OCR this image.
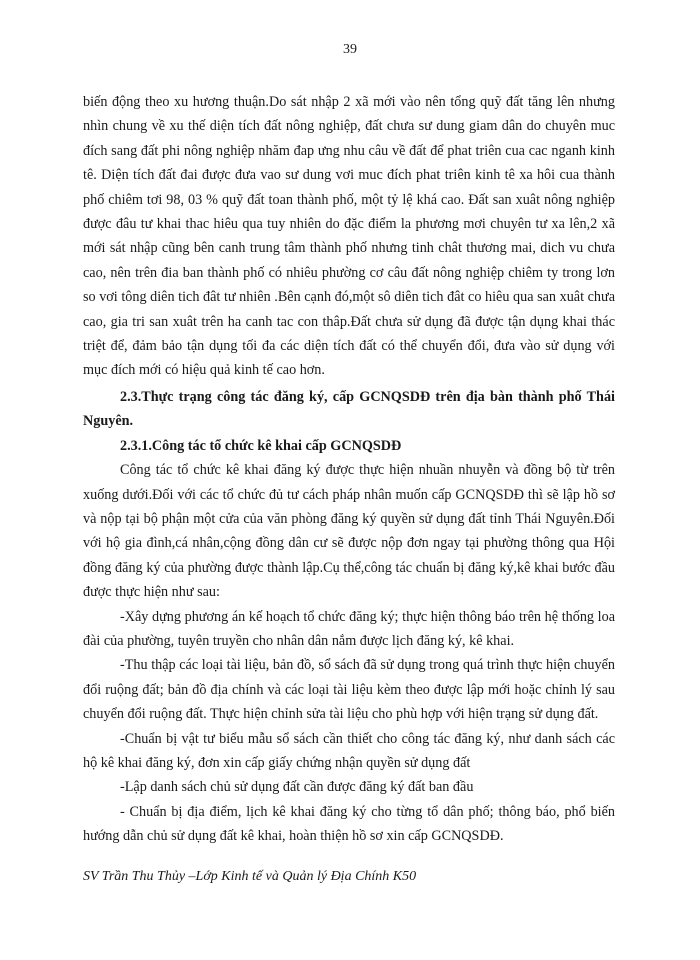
39

biến động theo xu hương thuận.Do sát nhập 2 xã mới vào nên tổng quỹ đất tăng lên nhưng nhìn chung về xu thế diện tích đất nông nghiệp, đất chưa sư dung giam dân do chuyên muc đích sang đất phi nông nghiệp nhăm đap ưng nhu câu về đất để phat triên cua cac nganh kinh tê. Diện tích đất đai được đưa vao sư dung vơi muc đích phat triên kinh tê xa hôi cua thành phố chiêm tơi 98, 03 % quỹ đất toan thành phố, một tỷ lệ khá cao. Đất san xuât nông nghiệp được đâu tư khai thac hiêu qua tuy nhiên do đặc điểm la phương mơi chuyên tư xa lên,2 xã mới sát nhập cũng bên canh trung tâm thành phố nhưng tinh chât thương mai, dich vu chưa cao, nên trên đia ban thành phố có nhiêu phường cơ câu đất nông nghiệp chiêm ty trong lơn so vơi tông diên tich đât tư nhiên .Bên cạnh đó,một sô diên tich đât co hiêu qua san xuât chưa cao, gia tri san xuât trên ha canh tac con thâp.Đất chưa sử dụng đã được tận dụng khai thác triệt để, đảm bảo tận dụng tối đa các diện tích đất có thể chuyển đổi, đưa vào sử dụng với mục đích mới có hiệu quả kinh tế cao hơn.

2.3.Thực trạng công tác đăng ký, cấp GCNQSDĐ trên địa bàn thành phố Thái Nguyên.

2.3.1.Công tác tổ chức kê khai cấp GCNQSDĐ

Công tác tổ chức kê khai đăng ký được thực hiện nhuần nhuyễn và đồng bộ từ trên xuống dưới.Đối với các tổ chức đủ tư cách pháp nhân muốn cấp GCNQSDĐ thì sẽ lập hồ sơ và nộp tại bộ phận một cửa của văn phòng đăng ký quyền sử dụng đất tỉnh Thái Nguyên.Đối với hộ gia đình,cá nhân,cộng đồng dân cư sẽ được nộp đơn ngay tại phường thông qua Hội đồng đăng ký của phường được thành lập.Cụ thể,công tác chuẩn bị đăng ký,kê khai bước đầu được thực hiện như sau:

-Xây dựng phương án kế hoạch tổ chức đăng ký; thực hiện thông báo trên hệ thống loa đài của phường, tuyên truyền cho nhân dân nắm được lịch đăng ký, kê khai.

-Thu thập các loại tài liệu, bản đồ, sổ sách đã sử dụng trong quá trình thực hiện chuyển đổi ruộng đất; bản đồ địa chính và các loại tài liệu kèm theo được lập mới hoặc chỉnh lý sau chuyển đổi ruộng đất. Thực hiện chỉnh sửa tài liệu cho phù hợp với hiện trạng sử dụng đất.

-Chuẩn bị vật tư biểu mẫu sổ sách cần thiết cho công tác đăng ký, như danh sách các hộ kê khai đăng ký, đơn xin cấp giấy chứng nhận quyền sử dụng đất

-Lập danh sách chủ sử dụng đất cần được đăng ký đất ban đầu

- Chuẩn bị địa điểm, lịch kê khai đăng ký cho từng tổ dân phố; thông báo, phổ biến hướng dẫn chủ sử dụng đất kê khai, hoàn thiện hồ sơ xin cấp GCNQSDĐ.

SV Trần Thu Thủy –Lớp Kinh tế và Quản lý Địa Chính K50
